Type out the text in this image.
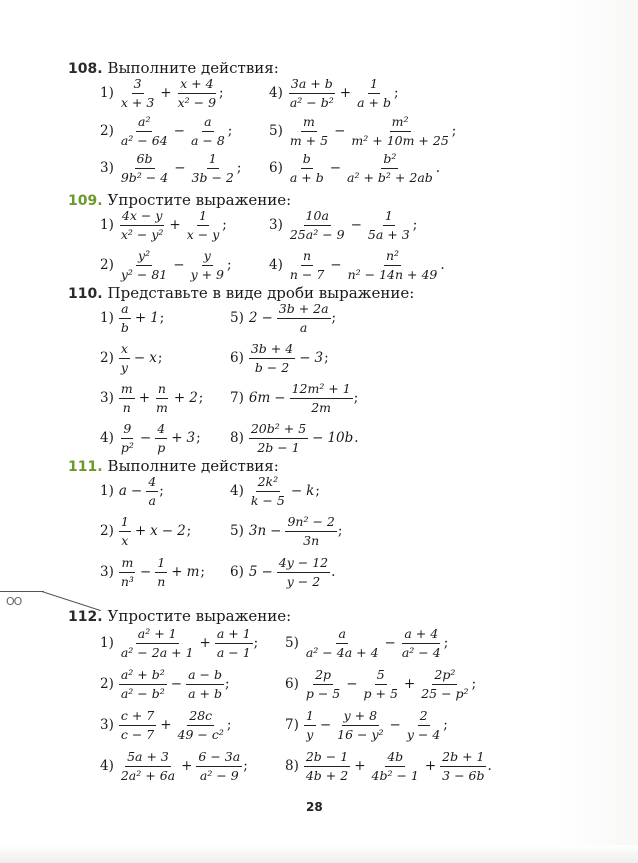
108. Выполните действия:
$1) \frac{3}{x + 3} + \frac{x + 4}{\text{x² − 9}}$ ;
$2) \frac{\text{a²}}{\text{a² − 64}} - \frac{a}{a - 8}$ ;
$3) \frac{6b}{\text{9b² − 4}} - \frac{1}{3b - 2}$ ;
$4) \frac{3a + b}{\text{a² − b²}} + \frac{1}{a + b}$ ;
$5) \frac{m}{m + 5} - \frac{\text{m²}}{\text{m² + 10m + 25}}$ ;
$6) \frac{b}{a + b} - \frac{\text{b²}}{\text{a² + b² + 2ab}}$ .
109. Упростите выражение:
$1) \frac{4x - y}{\text{x² − y²}} + \frac{1}{x - y}$ ;
$2) \frac{\text{y²}}{\text{y² − 81}} - \frac{y}{y + 9}$ ;
$3) \frac{10a}{\text{25a² − 9}} - \frac{1}{5a + 3}$ ;
$4) \frac{n}{n - 7} - \frac{\text{n²}}{\text{n² − 14n + 49}}$ .
110. Представьте в виде дроби выражение:
$1) \frac{a}{b} + 1$ ;
$2) \frac{x}{y} - x$ ;
$3) \frac{m}{n} + \frac{n}{m} + 2$ ;
$4) \frac{9}{\text{p²}} - \frac{4}{p} + 3$ ;
5) $2 - \frac{3b + 2a}{a}$ ;
$6) \frac{3b + 4}{b - 2} - 3$ ;
7) $6m - \frac{\text{12m² + 1}}{2m}$ ;
$8) \frac{\text{20b² + 5}}{2b - 1} - 10b$ .
111. Выполните действия:
1) $a - \frac{4}{a}$ ;
$2) \frac{1}{x} + x - 2$ ;
$3) \frac{m}{\text{n³}} - \frac{1}{n} + m$ ;
$4) \frac{\text{2k²}}{k - 5} - k$ ;
5) $3n - \frac{\text{9n² − 2}}{3n}$ ;
6) $5 - \frac{4y - 12}{y - 2}$ .
112. Упростите выражение:
$1) \frac{\text{a² + 1}}{\text{a² − 2a + 1}} + \frac{a + 1}{a - 1}$ ;
$2) \frac{\text{a² + b²}}{\text{a² − b²}} - \frac{a - b}{a + b}$ ;
$3) \frac{c + 7}{c - 7} + \frac{28c}{\text{49 − c²}}$ ;
$4) \frac{5a + 3}{\text{2a² + 6a}} + \frac{6 - 3a}{\text{a² − 9}}$ ;
$5) \frac{a}{\text{a² − 4a + 4}} - \frac{a + 4}{\text{a² − 4}}$ ;
$6) \frac{2p}{p - 5} - \frac{5}{p + 5} + \frac{\text{2p²}}{\text{25 − p²}}$ ;
$7) \frac{1}{y} - \frac{y + 8}{\text{16 − y²}} - \frac{2}{y - 4}$ ;
$8) \frac{2b - 1}{4b + 2} + \frac{4b}{\text{4b² − 1}} + \frac{2b + 1}{3 - 6b}$ .
OO
28
